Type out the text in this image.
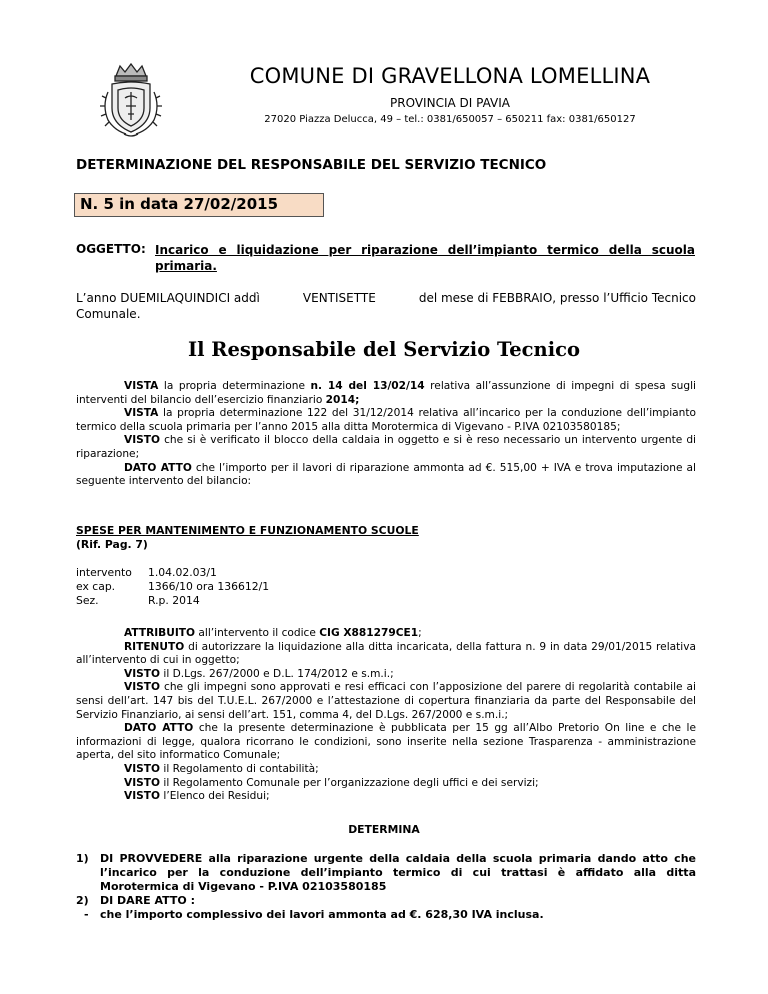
COMUNE DI GRAVELLONA LOMELLINA
PROVINCIA DI PAVIA
27020 Piazza Delucca, 49 – tel.: 0381/650057 – 650211 fax: 0381/650127
DETERMINAZIONE DEL RESPONSABILE DEL SERVIZIO TECNICO
N. 5 in data 27/02/2015
OGGETTO: Incarico e liquidazione per riparazione dell’impianto termico della scuola primaria.
L’anno DUEMILAQUINDICI addì	VENTISETTE	del mese di FEBBRAIO, presso l’Ufficio Tecnico
Comunale.
Il Responsabile del Servizio Tecnico

VISTA la propria determinazione n. 14 del 13/02/14 relativa all’assunzione di impegni di spesa sugli interventi del bilancio dell’esercizio finanziario 2014;

VISTA la propria determinazione 122 del 31/12/2014 relativa all’incarico per la conduzione dell’impianto termico della scuola primaria per l’anno 2015 alla ditta Morotermica di Vigevano - P.IVA 02103580185;

VISTO che si è verificato il blocco della caldaia in oggetto e si è reso necessario un intervento urgente di riparazione;

DATO ATTO che l’importo per il lavori di riparazione ammonta ad €. 515,00 + IVA e trova imputazione al seguente intervento del bilancio:

SPESE PER MANTENIMENTO E FUNZIONAMENTO SCUOLE
(Rif. Pag. 7)
intervento	1.04.02.03/1
ex cap.	1366/10 ora 136612/1
Sez.	R.p. 2014

ATTRIBUITO all’intervento il codice CIG X881279CE1;

RITENUTO di autorizzare la liquidazione alla ditta incaricata, della fattura n. 9 in data 29/01/2015 relativa all’intervento di cui in oggetto;

VISTO il D.Lgs. 267/2000 e D.L. 174/2012 e s.m.i.;

VISTO che gli impegni sono approvati e resi efficaci con l’apposizione del parere di regolarità contabile ai sensi dell’art. 147 bis del T.U.E.L. 267/2000 e l’attestazione di copertura finanziaria da parte del Responsabile del Servizio Finanziario, ai sensi dell’art. 151, comma 4, del D.Lgs. 267/2000 e s.m.i.;

DATO ATTO che la presente determinazione è pubblicata per 15 gg all’Albo Pretorio On line e che le informazioni di legge, qualora ricorrano le condizioni, sono inserite nella sezione Trasparenza - amministrazione aperta, del sito informatico Comunale;

VISTO il Regolamento di contabilità;

VISTO il Regolamento Comunale per l’organizzazione degli uffici e dei servizi;

VISTO l’Elenco dei Residui;

DETERMINA
1) DI PROVVEDERE alla riparazione urgente della caldaia della scuola primaria dando atto che l’incarico per la conduzione dell’impianto termico di cui trattasi è affidato alla ditta Morotermica di Vigevano - P.IVA 02103580185
2) DI DARE ATTO :
- che l’importo complessivo dei lavori ammonta ad €. 628,30 IVA inclusa.
